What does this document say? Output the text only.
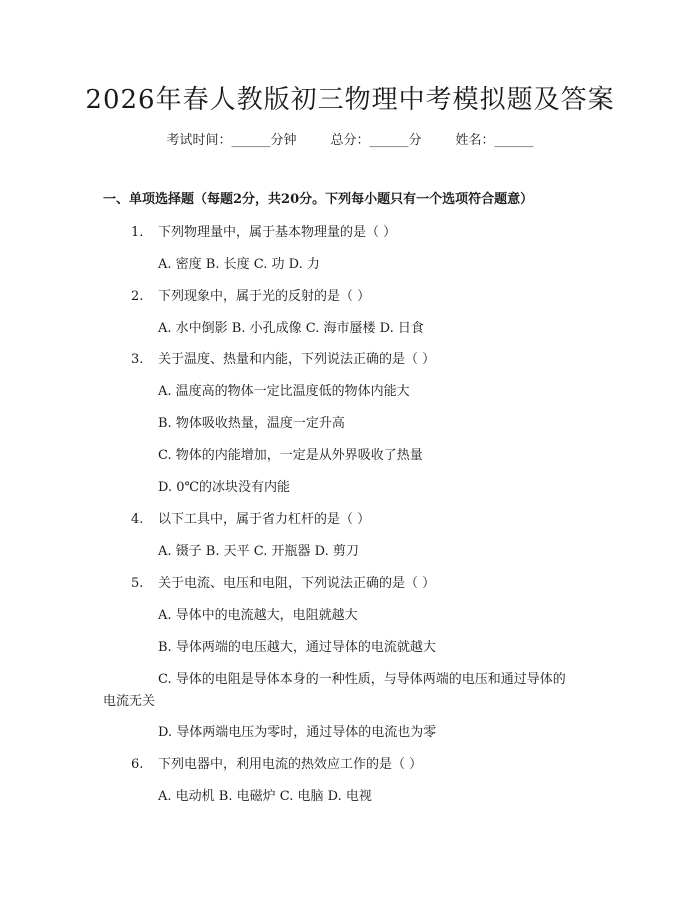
2026年春人教版初三物理中考模拟题及答案
考试时间：______分钟	总分：______分	姓名：______
一、单项选择题（每题2分，共20分。下列每小题只有一个选项符合题意）
1. 下列物理量中，属于基本物理量的是（ ）
A. 密度 B. 长度 C. 功 D. 力
2. 下列现象中，属于光的反射的是（ ）
A. 水中倒影 B. 小孔成像 C. 海市蜃楼 D. 日食
3. 关于温度、热量和内能，下列说法正确的是（ ）
A. 温度高的物体一定比温度低的物体内能大
B. 物体吸收热量，温度一定升高
C. 物体的内能增加，一定是从外界吸收了热量
D. 0℃的冰块没有内能
4. 以下工具中，属于省力杠杆的是（ ）
A. 镊子 B. 天平 C. 开瓶器 D. 剪刀
5. 关于电流、电压和电阻，下列说法正确的是（ ）
A. 导体中的电流越大，电阻就越大
B. 导体两端的电压越大，通过导体的电流就越大
C. 导体的电阻是导体本身的一种性质，与导体两端的电压和通过导体的
电流无关
D. 导体两端电压为零时，通过导体的电流也为零
6. 下列电器中，利用电流的热效应工作的是（ ）
A. 电动机 B. 电磁炉 C. 电脑 D. 电视
